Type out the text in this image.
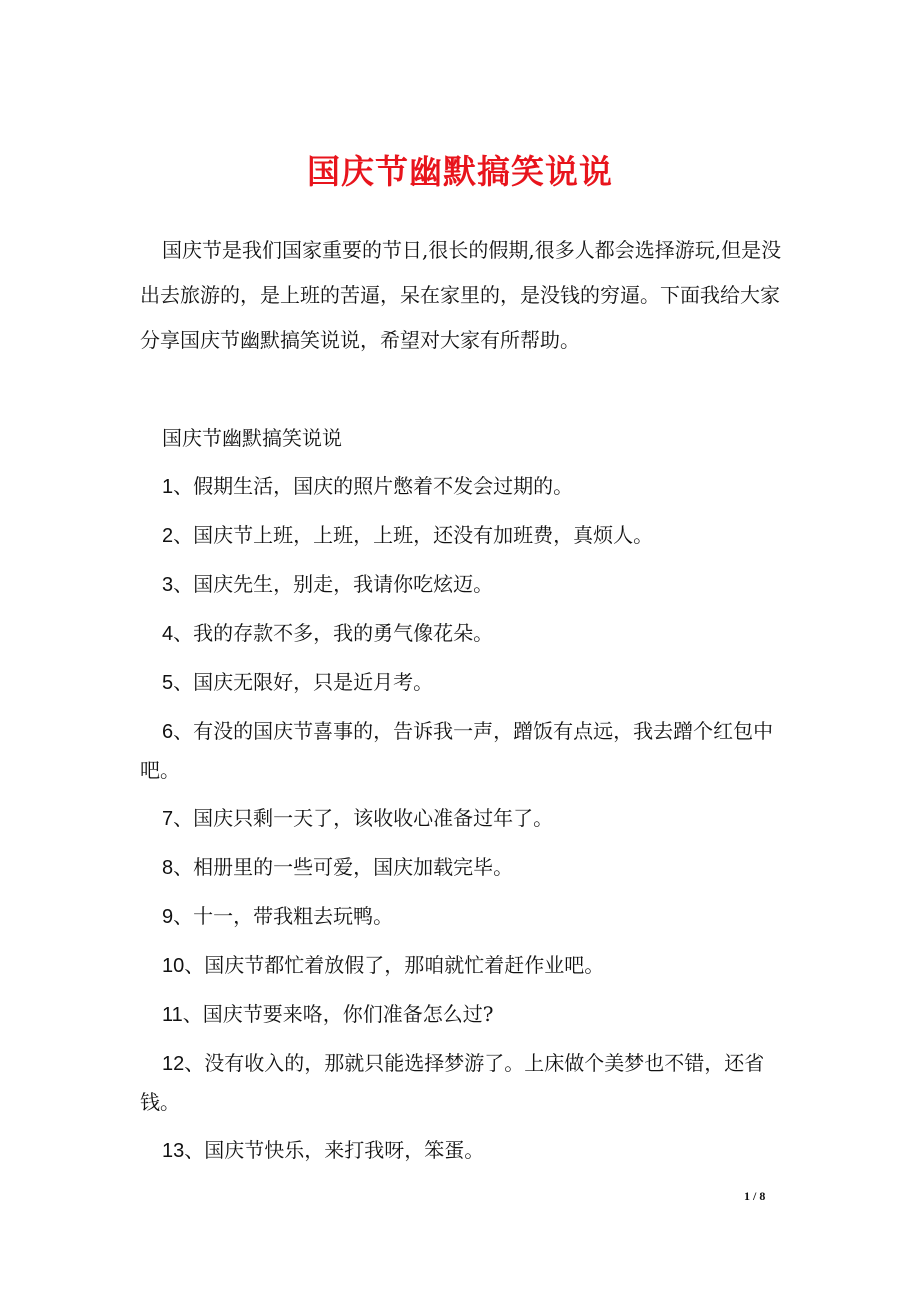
国庆节幽默搞笑说说

国庆节是我们国家重要的节日,很长的假期,很多人都会选择游玩,但是没出去旅游的，是上班的苦逼，呆在家里的，是没钱的穷逼。下面我给大家分享国庆节幽默搞笑说说，希望对大家有所帮助。

国庆节幽默搞笑说说

1、假期生活，国庆的照片憋着不发会过期的。

2、国庆节上班，上班，上班，还没有加班费，真烦人。

3、国庆先生，别走，我请你吃炫迈。

4、我的存款不多，我的勇气像花朵。

5、国庆无限好，只是近月考。

6、有没的国庆节喜事的，告诉我一声，蹭饭有点远，我去蹭个红包中吧。

7、国庆只剩一天了，该收收心准备过年了。

8、相册里的一些可爱，国庆加载完毕。

9、十一，带我粗去玩鸭。

10、国庆节都忙着放假了，那咱就忙着赶作业吧。

11、国庆节要来咯，你们准备怎么过?

12、没有收入的，那就只能选择梦游了。上床做个美梦也不错，还省钱。

13、国庆节快乐，来打我呀，笨蛋。

1 / 8
